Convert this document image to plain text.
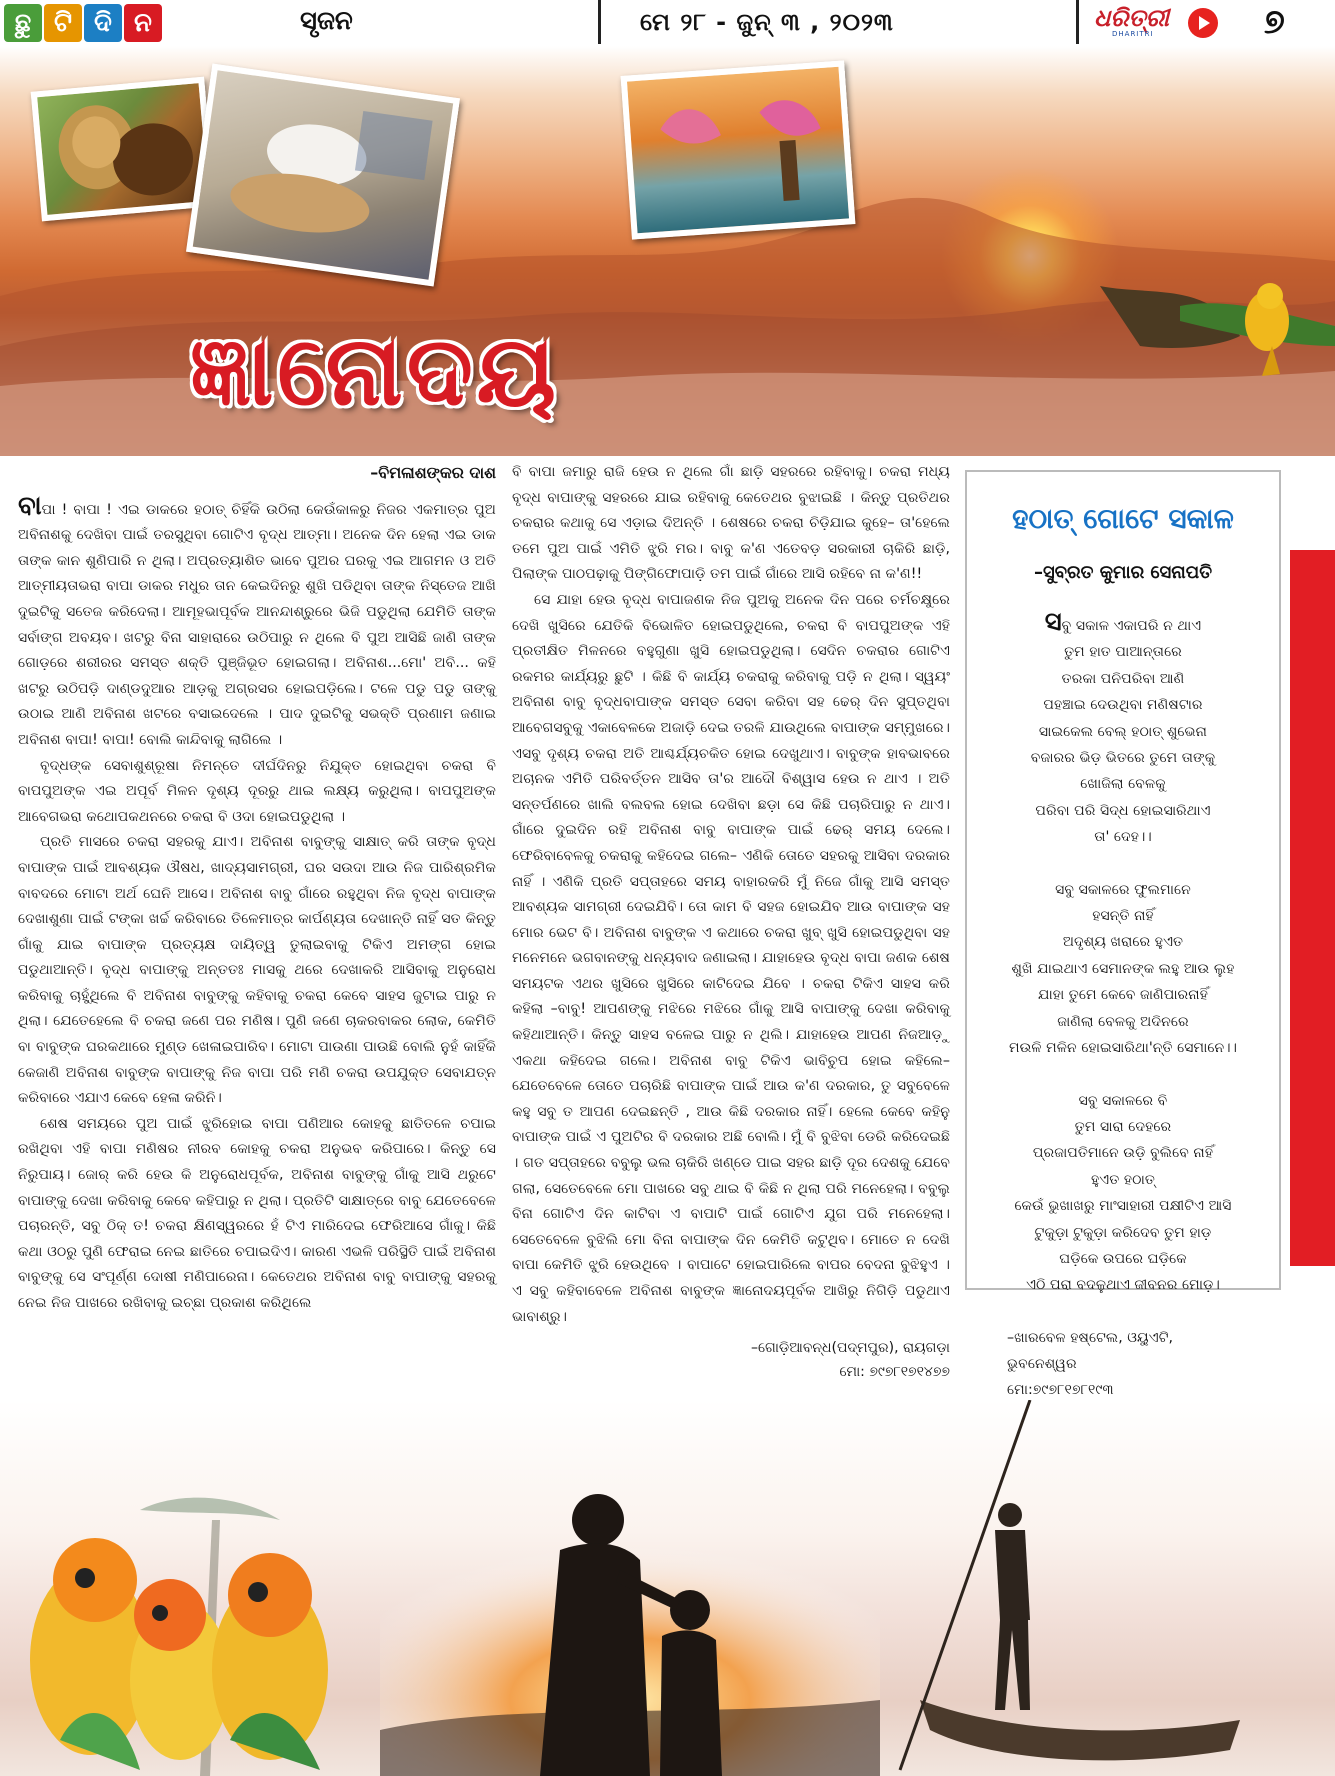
ଛୁ ଟି ଦି ନ	ସୃଜନ	ମେ ୨୮ - ଜୁନ୍ ୩ , ୨୦୨୩	ଧରିତ୍ରୀ
DHARITRI	୭
ଜ୍ଞାନୋଦୟ
–ବିମଳାଶଙ୍କର ଦାଶ

ବାପା ! ବାପା ! ଏଇ ଡାକରେ ହଠାତ୍ ଚିହିଁକି ଉଠିଲା କେଉଁକାଳରୁ ନିଜର ଏକମାତ୍ର ପୁଅ ଅବିନାଶକୁ ଦେଖିବା ପାଇଁ ତରସୁଥିବା ଗୋଟିଏ ବୃଦ୍ଧ ଆତ୍ମା। ଅନେକ ଦିନ ହେଲା ଏଇ ଡାକ ତାଙ୍କ କାନ ଶୁଣିପାରି ନ ଥିଲା। ଅପ୍ରତ୍ୟାଶିତ ଭାବେ ପୁଅର ଘରକୁ ଏଇ ଆଗମନ ଓ ଅତି ଆତ୍ମୀୟତାଭରା ବାପା ଡାକର ମଧୁର ତାନ କେଇଦିନରୁ ଶୁଖି ପଡିଥିବା ତାଙ୍କ ନିସ୍ତେଜ ଆଖି ଦୁଇଟିକୁ ସତେଜ କରିଦେଲା। ଆମୂହଭାପୂର୍ବକ ଆନନ୍ଦାଶ୍ରୁରେ ଭିଜି ପଡୁଥିଲା ଯେମିତି ତାଙ୍କ ସର୍ବାଙ୍ଗ ଅବୟବ। ଖଟରୁ ବିନା ସାହାରାରେ ଉଠିପାରୁ ନ ଥିଲେ ବି ପୁଅ ଆସିଛି ଜାଣି ତାଙ୍କ ଗୋଡ଼ରେ ଶରୀରର ସମସ୍ତ ଶକ୍ତି ପୁଞ୍ଜିଭୂତ ହୋଇଗଲା। ଅବିନାଶ...ମୋ' ଅବି... କହି ଖଟରୁ ଉଠିପଡ଼ି ଦାଣ୍ଡଦୁଆର ଆଡ଼କୁ ଅଗ୍ରସର ହୋଇପଡ଼ିଲେ। ଟଳେ ପଡୁ ପଡୁ ତାଙ୍କୁ ଉଠାଇ ଆଣି ଅବିନାଶ ଖଟରେ ବସାଇଦେଲେ । ପାଦ ଦୁଇଟିକୁ ସଭକ୍ତି ପ୍ରଣାମ ଜଣାଇ ଅବିନାଶ ବାପା! ବାପା! ବୋଲି କାନ୍ଦିବାକୁ ଲାଗିଲେ ।

ବୃଦ୍ଧଙ୍କ ସେବାଶୁଶ୍ରୂଷା ନିମନ୍ତେ ଦୀର୍ଘଦିନରୁ ନିଯୁକ୍ତ ହୋଇଥିବା ଚକରା ବି ବାପପୁଅଙ୍କ ଏଇ ଅପୂର୍ବ ମିଳନ ଦୃଶ୍ୟ ଦୂରରୁ ଥାଇ ଲକ୍ଷ୍ୟ କରୁଥିଲା। ବାପପୁଅଙ୍କ ଆବେଗଭରା କଥୋପକଥନରେ ଚକରା ବି ଓଦା ହୋଇପଡୁଥିଲା ।

ପ୍ରତି ମାସରେ ଚକରା ସହରକୁ ଯାଏ। ଅବିନାଶ ବାବୁଙ୍କୁ ସାକ୍ଷାତ୍ କରି ତାଙ୍କ ବୃଦ୍ଧ ବାପାଙ୍କ ପାଇଁ ଆବଶ୍ୟକ ଔଷଧ, ଖାଦ୍ୟସାମଗ୍ରୀ, ଘର ସଉଦା ଆଉ ନିଜ ପାରିଶ୍ରମିକ ବାବଦରେ ମୋଟା ଅର୍ଥ ଘେନି ଆସେ। ଅବିନାଶ ବାବୁ ଗାଁରେ ରହୁଥିବା ନିଜ ବୃଦ୍ଧ ବାପାଙ୍କ ଦେଖାଶୁଣା ପାଇଁ ଟଙ୍କା ଖର୍ଚ୍ଚ କରିବାରେ ତିଳେମାତ୍ର କାର୍ପଣ୍ୟତା ଦେଖାନ୍ତି ନାହିଁ ସତ କିନ୍ତୁ ଗାଁକୁ ଯାଇ ବାପାଙ୍କ ପ୍ରତ୍ୟକ୍ଷ ଦାୟିତ୍ୱ ତୁଲାଇବାକୁ ଟିକିଏ ଅମଙ୍ଗ ହୋଇ ପଡୁଥାଆନ୍ତି। ବୃଦ୍ଧ ବାପାଙ୍କୁ ଅନ୍ତତଃ ମାସକୁ ଥରେ ଦେଖାକରି ଆସିବାକୁ ଅନୁରୋଧ କରିବାକୁ ଚାହୁଁଥିଲେ ବି ଅବିନାଶ ବାବୁଙ୍କୁ କହିବାକୁ ଚକରା କେବେ ସାହସ ଜୁଟାଇ ପାରୁ ନ ଥିଲା। ଯେତେହେଲେ ବି ଚକରା ଜଣେ ପର ମଣିଷ। ପୁଣି ଜଣେ ଚାକରବାକର ଲୋକ, କେମିତି ବା ବାବୁଙ୍କ ଘରକଥାରେ ମୁଣ୍ଡ ଖେଳାଇପାରିବ। ମୋଟା ପାଉଣା ପାଉଛି ବୋଲି ନୁହଁ କାହିଁକି କେଜାଣି ଅବିନାଶ ବାବୁଙ୍କ ବାପାଙ୍କୁ ନିଜ ବାପା ପରି ମଣି ଚକରା ଉପଯୁକ୍ତ ସେବାଯତ୍ନ କରିବାରେ ଏଯାଏ କେବେ ହେଳା କରିନି।

ଶେଷ ସମୟରେ ପୁଅ ପାଇଁ ଝୁରିହୋଇ ବାପା ପଣିଆର କୋହକୁ ଛାତିତଳେ ଚପାଇ ରଖିଥିବା ଏହି ବାପା ମଣିଷର ନୀରବ କୋହକୁ ଚକରା ଅନୁଭବ କରିପାରେ। କିନ୍ତୁ ସେ ନିରୁପାୟ। ଜୋର୍ କରି ହେଉ କି ଅନୁରୋଧପୂର୍ବକ, ଅବିନାଶ ବାବୁଙ୍କୁ ଗାଁକୁ ଆସି ଥରୁଟେ ବାପାଙ୍କୁ ଦେଖା କରିବାକୁ କେବେ କହିପାରୁ ନ ଥିଲା। ପ୍ରତିଟି ସାକ୍ଷାତ୍‌ରେ ବାବୁ ଯେତେବେଳେ ପଚାରନ୍ତି, ସବୁ ଠିକ୍ ତ! ଚକରା କ୍ଷିଣସ୍ୱରରେ ହଁ ଟିଏ ମାରିଦେଇ ଫେରିଆସେ ଗାଁକୁ। କିଛି କଥା ଓଠରୁ ପୁଣି ଫେରାଇ ନେଇ ଛାତିରେ ଚପାଇଦିଏ। କାରଣ ଏଭଳି ପରିସ୍ଥିତି ପାଇଁ ଅବିନାଶ ବାବୁଙ୍କୁ ସେ ସଂପୂର୍ଣ୍ଣ ଦୋଷୀ ମଣିପାରେନା। କେତେଥର ଅବିନାଶ ବାବୁ ବାପାଙ୍କୁ ସହରକୁ ନେଇ ନିଜ ପାଖରେ ରଖିବାକୁ ଇଚ୍ଛା ପ୍ରକାଶ କରିଥିଲେ

ବି ବାପା ଜମାରୁ ରାଜି ହେଉ ନ ଥିଲେ ଗାଁ ଛାଡ଼ି ସହରରେ ରହିବାକୁ। ଚକରା ମଧ୍ୟ ବୃଦ୍ଧ ବାପାଙ୍କୁ ସହରରେ ଯାଇ ରହିବାକୁ କେତେଥର ବୁଝାଇଛି । କିନ୍ତୁ ପ୍ରତିଥର ଚକରାର କଥାକୁ ସେ ଏଡ଼ାଇ ଦିଅନ୍ତି । ଶେଷରେ ଚକରା ଚିଡ଼ିଯାଇ କୁହେ– ତା'ହେଲେ ତମେ ପୁଅ ପାଇଁ ଏମିତି ଝୁରି ମର। ବାବୁ କ'ଣ ଏତେବଡ଼ ସରକାରୀ ଚାକିରି ଛାଡ଼ି, ପିଲାଙ୍କ ପାଠପଢ଼ାକୁ ପିଙ୍ଗିଫୋପାଡ଼ି ତମ ପାଇଁ ଗାଁରେ ଆସି ରହିବେ ନା କ'ଣ!!

ସେ ଯାହା ହେଉ ବୃଦ୍ଧ ବାପାଜଣକ ନିଜ ପୁଅକୁ ଅନେକ ଦିନ ପରେ ଚର୍ମଚକ୍ଷୁରେ ଦେଖି ଖୁସିରେ ଯେତିକି ବିଭୋଳିତ ହୋଇପଡୁଥିଲେ, ଚକରା ବି ବାପପୁଅଙ୍କ ଏହି ପ୍ରତୀକ୍ଷିତ ମିଳନରେ ବହୁଗୁଣା ଖୁସି ହୋଇପଡୁଥିଲା। ସେଦିନ ଚକରାର ଗୋଟିଏ ରକମର କାର୍ଯ୍ୟରୁ ଛୁଟି । କିଛି ବି କାର୍ଯ୍ୟ ଚକରାକୁ କରିବାକୁ ପଡ଼ି ନ ଥିଲା। ସ୍ୱୟଂ ଅବିନାଶ ବାବୁ ବୃଦ୍ଧବାପାଙ୍କ ସମସ୍ତ ସେବା କରିବା ସହ ଢେର୍ ଦିନ ସୁପ୍ତଥିବା ଆବେଗସବୁକୁ ଏକାବେଳକେ ଅଜାଡ଼ି ଦେଇ ତରଳି ଯାଉଥିଲେ ବାପାଙ୍କ ସମ୍ମୁଖରେ। ଏସବୁ ଦୃଶ୍ୟ ଚକରା ଅତି ଆଶ୍ଚର୍ଯ୍ୟଚକିତ ହୋଇ ଦେଖୁଥାଏ। ବାବୁଙ୍କ ହାବଭାବରେ ଅଚାନକ ଏମିତି ପରିବର୍ତ୍ତନ ଆସିବ ତା'ର ଆଦୌ ବିଶ୍ୱାସ ହେଉ ନ ଥାଏ । ଅତି ସନ୍ତର୍ପଣରେ ଖାଲି ବଲବଲ ହୋଇ ଦେଖିବା ଛଡ଼ା ସେ କିଛି ପଚାରିପାରୁ ନ ଥାଏ। ଗାଁରେ ଦୁଇଦିନ ରହି ଅବିନାଶ ବାବୁ ବାପାଙ୍କ ପାଇଁ ଢେର୍ ସମୟ ଦେଲେ। ଫେରିବାବେଳକୁ ଚକରାକୁ କହିଦେଇ ଗଲେ– ଏଣିକି ତୋତେ ସହରକୁ ଆସିବା ଦରକାର ନାହିଁ । ଏଣିକି ପ୍ରତି ସପ୍ତାହରେ ସମୟ ବାହାରକରି ମୁଁ ନିଜେ ଗାଁକୁ ଆସି ସମସ୍ତ ଆବଶ୍ୟକ ସାମଗ୍ରୀ ଦେଇଯିବି। ତୋ କାମ ବି ସହଜ ହୋଇଯିବ ଆଉ ବାପାଙ୍କ ସହ ମୋର ଭେଟ ବି। ଅବିନାଶ ବାବୁଙ୍କ ଏ କଥାରେ ଚକରା ଖୁବ୍ ଖୁସି ହୋଇପଡୁଥିବା ସହ ମନେମନେ ଭଗବାନଙ୍କୁ ଧନ୍ୟବାଦ ଜଣାଇଲା। ଯାହାହେଉ ବୃଦ୍ଧ ବାପା ଜଣକ ଶେଷ ସମୟଟକ ଏଥର ଖୁସିରେ ଖୁସିରେ କାଟିଦେଇ ଯିବେ । ଚକରା ଟିକିଏ ସାହସ କରି କହିଲା –ବାବୁ! ଆପଣଙ୍କୁ ମଝିରେ ମଝିରେ ଗାଁକୁ ଆସି ବାପାଙ୍କୁ ଦେଖା କରିବାକୁ କହିଥାଆନ୍ତି। କିନ୍ତୁ ସାହସ ବଳେଇ ପାରୁ ନ ଥିଲି। ଯାହାହେଉ ଆପଣ ନିଜଆଡ଼ୁ ଏକଥା କହିଦେଇ ଗଲେ। ଅବିନାଶ ବାବୁ ଟିକିଏ ଭାବିଚୁପ ହୋଇ କହିଲେ– ଯେତେବେଳେ ତୋତେ ପଚାରିଛି ବାପାଙ୍କ ପାଇଁ ଆଉ କ'ଣ ଦରକାର, ତୁ ସବୁବେଳେ କହୁ ସବୁ ତ ଆପଣ ଦେଇଛନ୍ତି , ଆଉ କିଛି ଦରକାର ନାହିଁ। ହେଲେ କେବେ କହିନୁ ବାପାଙ୍କ ପାଇଁ ଏ ପୁଅଟିର ବି ଦରକାର ଅଛି ବୋଲି। ମୁଁ ବି ବୁଝିବା ଡେରି କରିଦେଇଛି । ଗତ ସପ୍ତାହରେ ବବୁଲୁ ଭଲ ଚାକିରି ଖଣ୍ଡେ ପାଇ ସହର ଛାଡ଼ି ଦୂର ଦେଶକୁ ଯେବେ ଗଲା, ସେତେବେଳେ ମୋ ପାଖରେ ସବୁ ଥାଇ ବି କିଛି ନ ଥିଲା ପରି ମନେହେଲା। ବବୁଲୁ ବିନା ଗୋଟିଏ ଦିନ କାଟିବା ଏ ବାପାଟି ପାଇଁ ଗୋଟିଏ ଯୁଗ ପରି ମନେହେଲା। ସେତେବେଳେ ବୁଝିଲି ମୋ ବିନା ବାପାଙ୍କ ଦିନ କେମିତି କଟୁଥିବ। ମୋତେ ନ ଦେଖି ବାପା କେମିତି ଝୁରି ହେଉଥିବେ । ବାପାଟେ ହୋଇପାରିଲେ ବାପର ବେଦନା ବୁଝିହୁଏ । ଏ ସବୁ କହିବାବେଳେ ଅବିନାଶ ବାବୁଙ୍କ ଜ୍ଞାନୋଦୟପୂର୍ବକ ଆଖିରୁ ନିଗିଡ଼ି ପଡୁଥାଏ ଭାବାଶ୍ରୁ।

–ଗୋଡ଼ିଆବନ୍ଧ(ପଦ୍ମପୁର), ରାୟଗଡ଼ା
ମୋ: ୭୯୭୮୧୭୧୪୭୭
ହଠାତ୍ ଗୋଟେ ସକାଳ
–ସୁବ୍ରତ କୁମାର ସେନାପତି
ସବୁ ସକାଳ ଏକାପରି ନ ଥାଏ
ତୁମ ହାତ ପାଆନ୍ତାରେ
ତରକା ପନିପରିବା ଆଣି
ପହଞ୍ଚାଇ ଦେଉଥିବା ମଣିଷଟାର
ସାଇକେଲ ବେଲ୍ ହଠାତ୍ ଶୁଭେନା
ବଜାରର ଭିଡ଼ ଭିତରେ ତୁମେ ତାଙ୍କୁ
ଖୋଜିଲା ବେଳକୁ
ପରିବା ପରି ସିଦ୍ଧ ହୋଇସାରିଥାଏ
ତା' ଦେହ।।
ସବୁ ସକାଳରେ ଫୁଲମାନେ
ହସନ୍ତି ନାହିଁ
ଅଦୃଶ୍ୟ ଖରାରେ ହୁଏତ
ଶୁଖି ଯାଇଥାଏ ସେମାନଙ୍କ ଲହୁ ଆଉ ଲୁହ
ଯାହା ତୁମେ କେବେ ଜାଣିପାରନାହିଁ
ଜାଣିଲା ବେଳକୁ ଅଦିନରେ
ମଉଳି ମଳିନ ହୋଇସାରିଥା'ନ୍ତି ସେମାନେ।।
ସବୁ ସକାଳରେ ବି
ତୁମ ସାରା ଦେହରେ
ପ୍ରଜାପତିମାନେ ଉଡ଼ି ବୁଲିବେ ନାହିଁ
ହୁଏତ ହଠାତ୍
କେଉଁ ଭୁଖାଖରୁ ମାଂସାହାରୀ ପକ୍ଷୀଟିଏ ଆସି
ଟୁକୁଡ଼ା ଟୁକୁଡ଼ା କରିଦେବ ତୁମ ହାଡ଼
ଘଡ଼ିକେ ଉପରେ ଘଡ଼ିକେ
ଏଠି ପରା ବଦଳୁଥାଏ ଜୀବନର ମୋଡ଼।
–ଖାରବେଳ ହଷ୍ଟେଲ, ଓୟୁଏଟି,
ଭୁବନେଶ୍ୱର
ମୋ:୭୯୭୮୧୭୮୧୯୩
